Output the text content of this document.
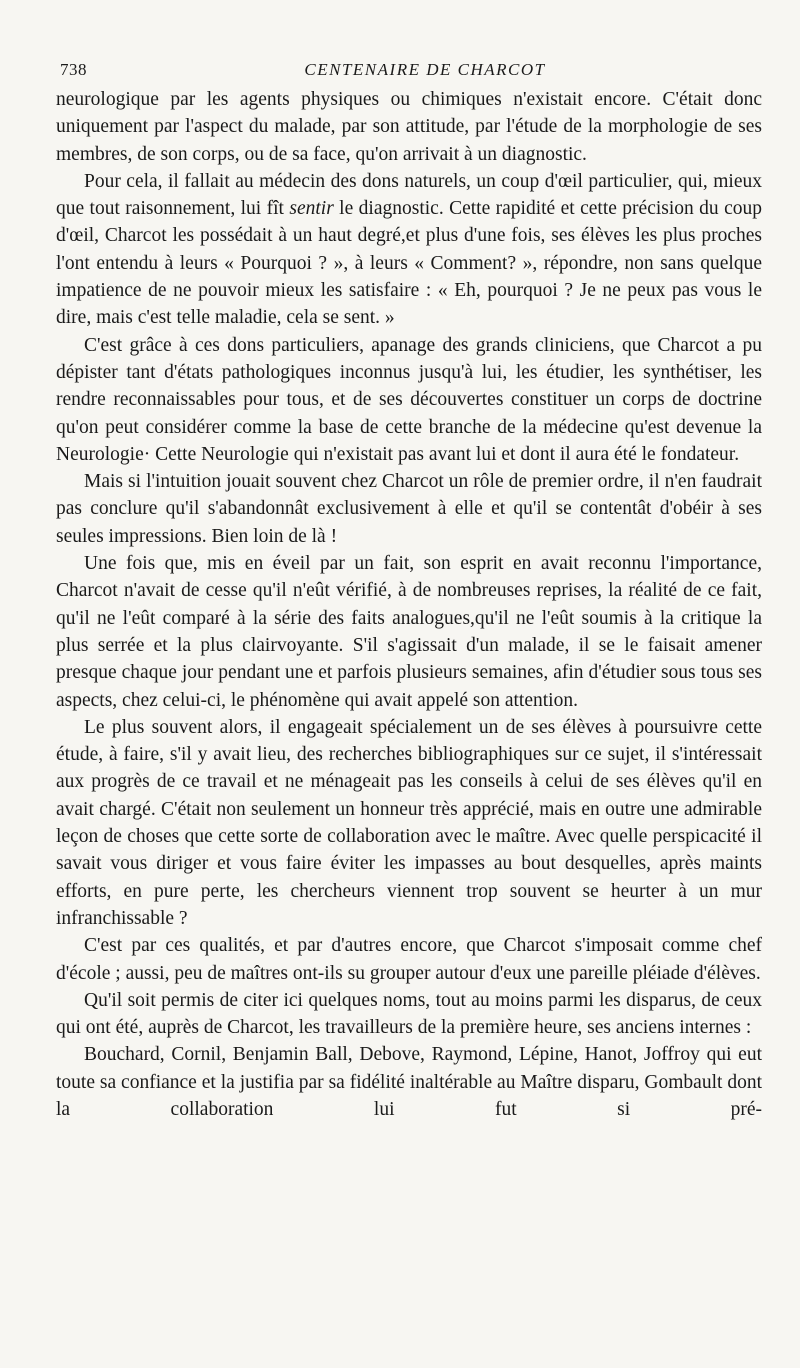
738	CENTENAIRE DE CHARCOT

neurologique par les agents physiques ou chimiques n'existait encore. C'était donc uniquement par l'aspect du malade, par son attitude, par l'étude de la morphologie de ses membres, de son corps, ou de sa face, qu'on arrivait à un diagnostic.

Pour cela, il fallait au médecin des dons naturels, un coup d'œil particulier, qui, mieux que tout raisonnement, lui fît sentir le diagnostic. Cette rapidité et cette précision du coup d'œil, Charcot les possédait à un haut degré,et plus d'une fois, ses élèves les plus proches l'ont entendu à leurs « Pourquoi ? », à leurs « Comment? », répondre, non sans quelque impatience de ne pouvoir mieux les satisfaire : « Eh, pourquoi ? Je ne peux pas vous le dire, mais c'est telle maladie, cela se sent. »

C'est grâce à ces dons particuliers, apanage des grands cliniciens, que Charcot a pu dépister tant d'états pathologiques inconnus jusqu'à lui, les étudier, les synthétiser, les rendre reconnaissables pour tous, et de ses découvertes constituer un corps de doctrine qu'on peut considérer comme la base de cette branche de la médecine qu'est devenue la Neurologie· Cette Neurologie qui n'existait pas avant lui et dont il aura été le fondateur.

Mais si l'intuition jouait souvent chez Charcot un rôle de premier ordre, il n'en faudrait pas conclure qu'il s'abandonnât exclusivement à elle et qu'il se contentât d'obéir à ses seules impressions. Bien loin de là !

Une fois que, mis en éveil par un fait, son esprit en avait reconnu l'importance, Charcot n'avait de cesse qu'il n'eût vérifié, à de nombreuses reprises, la réalité de ce fait, qu'il ne l'eût comparé à la série des faits analogues,qu'il ne l'eût soumis à la critique la plus serrée et la plus clairvoyante. S'il s'agissait d'un malade, il se le faisait amener presque chaque jour pendant une et parfois plusieurs semaines, afin d'étudier sous tous ses aspects, chez celui-ci, le phénomène qui avait appelé son attention.

Le plus souvent alors, il engageait spécialement un de ses élèves à poursuivre cette étude, à faire, s'il y avait lieu, des recherches bibliographiques sur ce sujet, il s'intéressait aux progrès de ce travail et ne ménageait pas les conseils à celui de ses élèves qu'il en avait chargé. C'était non seulement un honneur très apprécié, mais en outre une admirable leçon de choses que cette sorte de collaboration avec le maître. Avec quelle perspicacité il savait vous diriger et vous faire éviter les impasses au bout desquelles, après maints efforts, en pure perte, les chercheurs viennent trop souvent se heurter à un mur infranchissable ?

C'est par ces qualités, et par d'autres encore, que Charcot s'imposait comme chef d'école ; aussi, peu de maîtres ont-ils su grouper autour d'eux une pareille pléiade d'élèves.

Qu'il soit permis de citer ici quelques noms, tout au moins parmi les disparus, de ceux qui ont été, auprès de Charcot, les travailleurs de la première heure, ses anciens internes :

Bouchard, Cornil, Benjamin Ball, Debove, Raymond, Lépine, Hanot, Joffroy qui eut toute sa confiance et la justifia par sa fidélité inaltérable au Maître disparu, Gombault dont la collaboration lui fut si pré-
